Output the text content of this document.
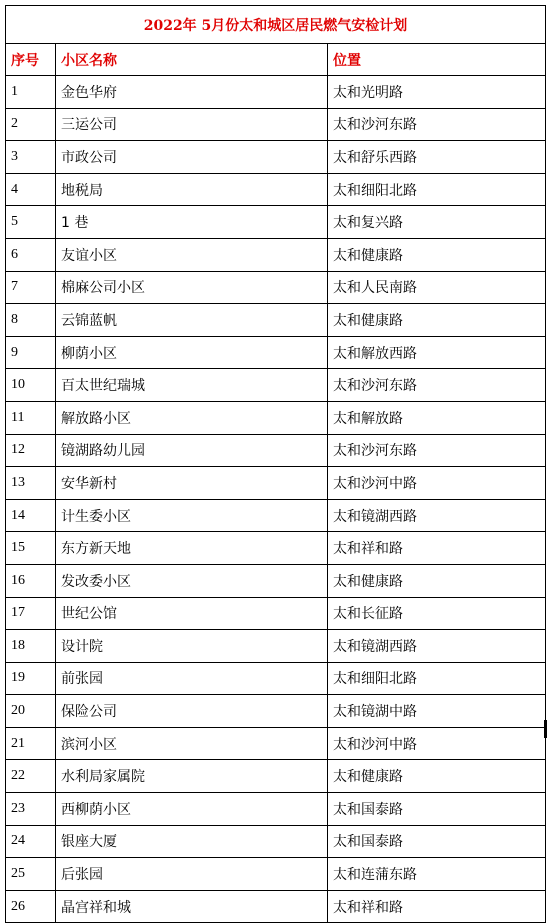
2022年 5月份太和城区居民燃气安检计划		
序号	小区名称	位置
1	金色华府	太和光明路
2	三运公司	太和沙河东路
3	市政公司	太和舒乐西路
4	地税局	太和细阳北路
5	1 巷	太和复兴路
6	友谊小区	太和健康路
7	棉麻公司小区	太和人民南路
8	云锦蓝帆	太和健康路
9	柳荫小区	太和解放西路
10	百太世纪瑞城	太和沙河东路
11	解放路小区	太和解放路
12	镜湖路幼儿园	太和沙河东路
13	安华新村	太和沙河中路
14	计生委小区	太和镜湖西路
15	东方新天地	太和祥和路
16	发改委小区	太和健康路
17	世纪公馆	太和长征路
18	设计院	太和镜湖西路
19	前张园	太和细阳北路
20	保险公司	太和镜湖中路
21	滨河小区	太和沙河中路
22	水利局家属院	太和健康路
23	西柳荫小区	太和国泰路
24	银座大厦	太和国泰路
25	后张园	太和连蒲东路
26	晶宫祥和城	太和祥和路
